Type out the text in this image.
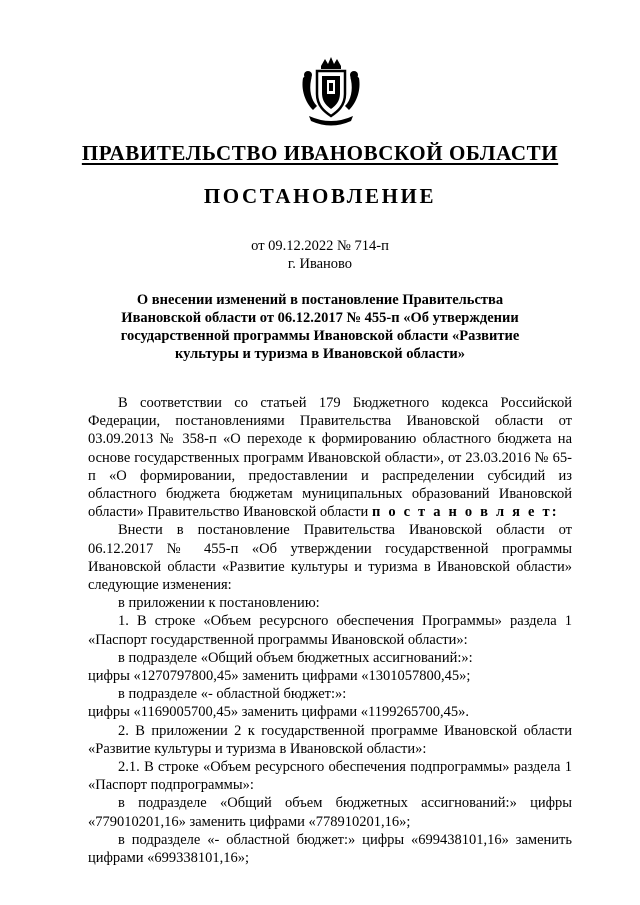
ПРАВИТЕЛЬСТВО ИВАНОВСКОЙ ОБЛАСТИ
ПОСТАНОВЛЕНИЕ
от 09.12.2022 № 714-п
г. Иваново
О внесении изменений в постановление Правительства Ивановской области от 06.12.2017 № 455-п «Об утверждении государственной программы Ивановской области «Развитие культуры и туризма в Ивановской области»

В соответствии со статьей 179 Бюджетного кодекса Российской Федерации, постановлениями Правительства Ивановской области от 03.09.2013 № 358-п «О переходе к формированию областного бюджета на основе государственных программ Ивановской области», от 23.03.2016 № 65-п «О формировании, предоставлении и распределении субсидий из областного бюджета бюджетам муниципальных образований Ивановской области» Правительство Ивановской области п о с т а н о в л я е т:

Внести в постановление Правительства Ивановской области от 06.12.2017 № 455-п «Об утверждении государственной программы Ивановской области «Развитие культуры и туризма в Ивановской области» следующие изменения:

в приложении к постановлению:

1. В строке «Объем ресурсного обеспечения Программы» раздела 1 «Паспорт государственной программы Ивановской области»:

в подразделе «Общий объем бюджетных ассигнований:»:

цифры «1270797800,45» заменить цифрами «1301057800,45»;

в подразделе «- областной бюджет:»:

цифры «1169005700,45» заменить цифрами «1199265700,45».

2. В приложении 2 к государственной программе Ивановской области «Развитие культуры и туризма в Ивановской области»:

2.1. В строке «Объем ресурсного обеспечения подпрограммы» раздела 1 «Паспорт подпрограммы»:

в подразделе «Общий объем бюджетных ассигнований:» цифры «779010201,16» заменить цифрами «778910201,16»;

в подразделе «- областной бюджет:» цифры «699438101,16» заменить цифрами «699338101,16»;
